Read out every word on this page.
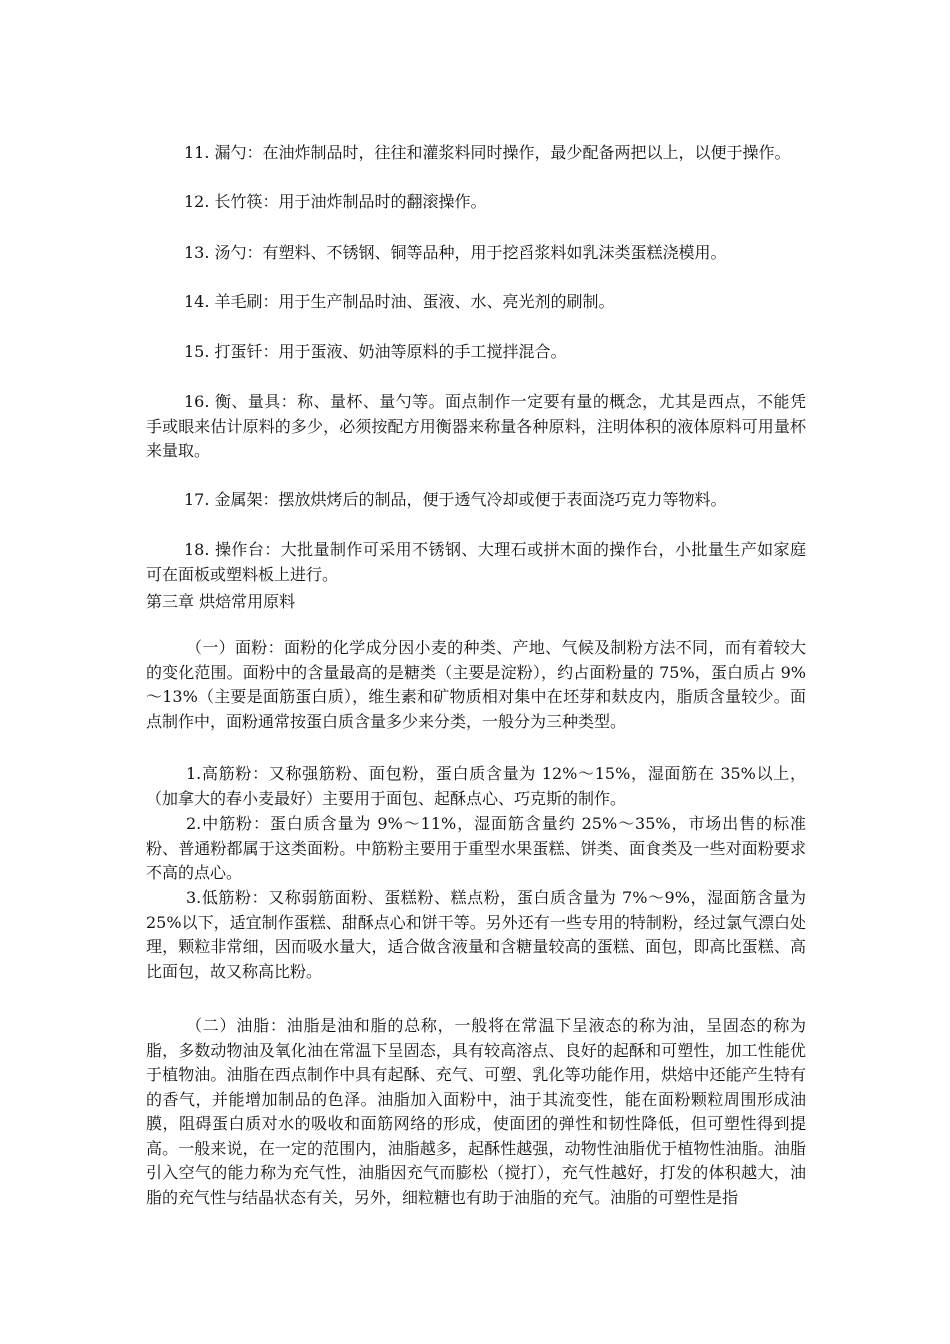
11. 漏勺：在油炸制品时，往往和灌浆料同时操作，最少配备两把以上，以便于操作。

12. 长竹筷：用于油炸制品时的翻滚操作。

13. 汤勺：有塑料、不锈钢、铜等品种，用于挖舀浆料如乳沫类蛋糕浇模用。

14. 羊毛刷：用于生产制品时油、蛋液、水、亮光剂的刷制。

15. 打蛋钎：用于蛋液、奶油等原料的手工搅拌混合。

16. 衡、量具：称、量杯、量勺等。面点制作一定要有量的概念，尤其是西点，不能凭手或眼来估计原料的多少，必须按配方用衡器来称量各种原料，注明体积的液体原料可用量杯来量取。

17. 金属架：摆放烘烤后的制品，便于透气冷却或便于表面浇巧克力等物料。

18. 操作台：大批量制作可采用不锈钢、大理石或拼木面的操作台，小批量生产如家庭可在面板或塑料板上进行。

第三章 烘焙常用原料

（一）面粉：面粉的化学成分因小麦的种类、产地、气候及制粉方法不同，而有着较大的变化范围。面粉中的含量最高的是糖类（主要是淀粉），约占面粉量的 75%，蛋白质占 9%～13%（主要是面筋蛋白质），维生素和矿物质相对集中在坯芽和麸皮内，脂质含量较少。面点制作中，面粉通常按蛋白质含量多少来分类，一般分为三种类型。

1.高筋粉：又称强筋粉、面包粉，蛋白质含量为 12%～15%，湿面筋在 35%以上，（加拿大的春小麦最好）主要用于面包、起酥点心、巧克斯的制作。

2.中筋粉：蛋白质含量为 9%～11%，湿面筋含量约 25%～35%，市场出售的标准粉、普通粉都属于这类面粉。中筋粉主要用于重型水果蛋糕、饼类、面食类及一些对面粉要求不高的点心。

3.低筋粉：又称弱筋面粉、蛋糕粉、糕点粉，蛋白质含量为 7%～9%，湿面筋含量为 25%以下，适宜制作蛋糕、甜酥点心和饼干等。另外还有一些专用的特制粉，经过氯气漂白处理，颗粒非常细，因而吸水量大，适合做含液量和含糖量较高的蛋糕、面包，即高比蛋糕、高比面包，故又称高比粉。

（二）油脂：油脂是油和脂的总称，一般将在常温下呈液态的称为油，呈固态的称为脂，多数动物油及氧化油在常温下呈固态，具有较高溶点、良好的起酥和可塑性，加工性能优于植物油。油脂在西点制作中具有起酥、充气、可塑、乳化等功能作用，烘焙中还能产生特有的香气，并能增加制品的色泽。油脂加入面粉中，油于其流变性，能在面粉颗粒周围形成油膜，阻碍蛋白质对水的吸收和面筋网络的形成，使面团的弹性和韧性降低，但可塑性得到提高。一般来说，在一定的范围内，油脂越多，起酥性越强，动物性油脂优于植物性油脂。油脂引入空气的能力称为充气性，油脂因充气而膨松（搅打），充气性越好，打发的体积越大，油脂的充气性与结晶状态有关，另外，细粒糖也有助于油脂的充气。油脂的可塑性是指
